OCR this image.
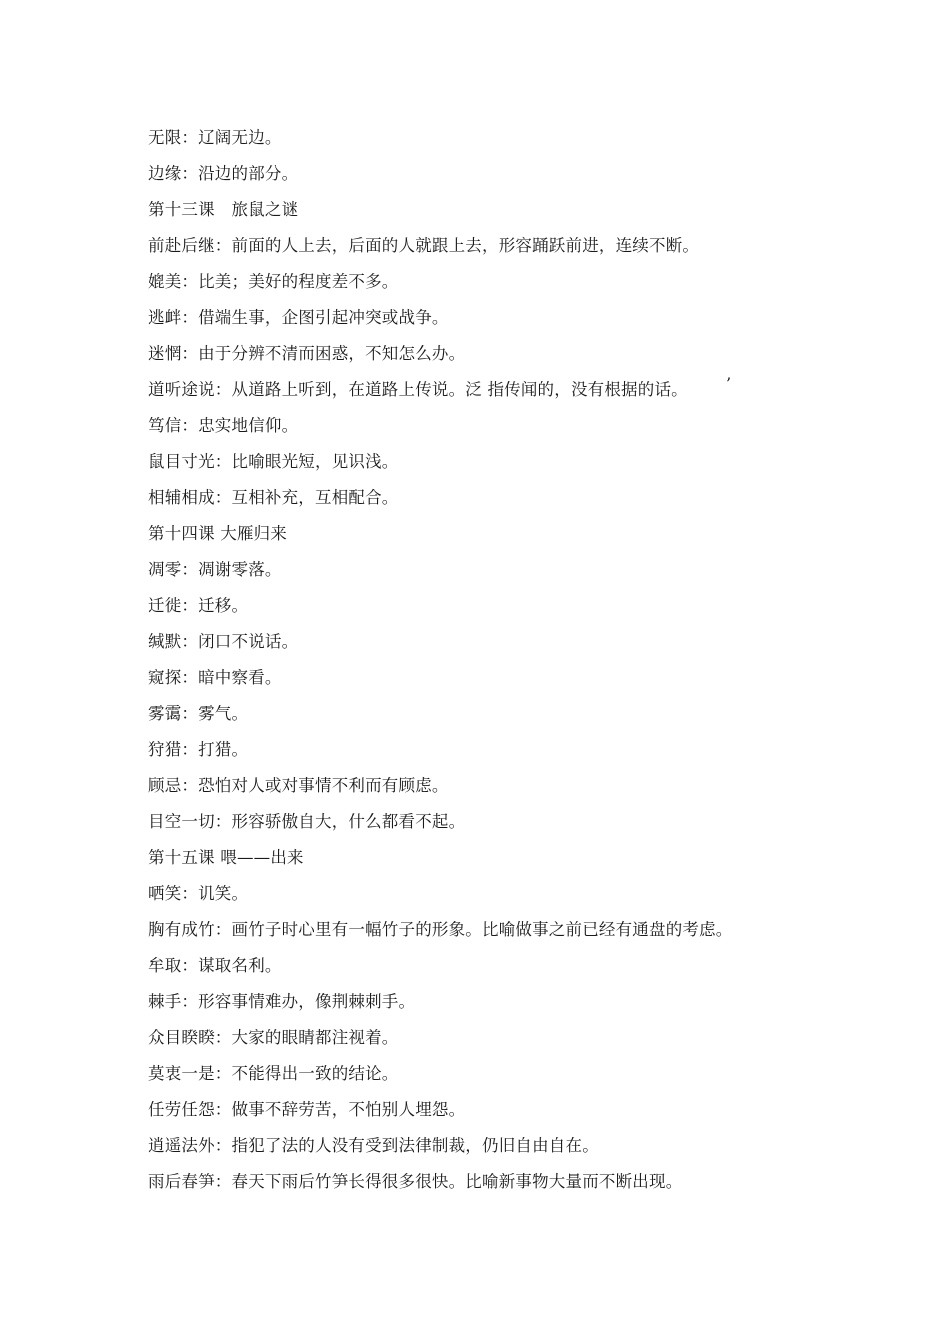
无限：辽阔无边。
边缘：沿边的部分。
第十三课　旅鼠之谜
前赴后继：前面的人上去，后面的人就跟上去，形容踊跃前进，连续不断。
媲美：比美；美好的程度差不多。
逃衅：借端生事，企图引起冲突或战争。
迷惘：由于分辨不清而困惑，不知怎么办。
道听途说：从道路上听到，在道路上传说。泛 指传闻的，没有根据的话。
笃信：忠实地信仰。
鼠目寸光：比喻眼光短，见识浅。
相辅相成：互相补充，互相配合。
第十四课 大雁归来
凋零：凋谢零落。
迁徙：迁移。
缄默：闭口不说话。
窥探：暗中察看。
雾霭：雾气。
狩猎：打猎。
顾忌：恐怕对人或对事情不利而有顾虑。
目空一切：形容骄傲自大，什么都看不起。
第十五课 喂——出来
哂笑：讥笑。
胸有成竹：画竹子时心里有一幅竹子的形象。比喻做事之前已经有通盘的考虑。
牟取：谋取名利。
棘手：形容事情难办，像荆棘刺手。
众目睽睽：大家的眼睛都注视着。
莫衷一是：不能得出一致的结论。
任劳任怨：做事不辞劳苦，不怕别人埋怨。
逍遥法外：指犯了法的人没有受到法律制裁，仍旧自由自在。
雨后春笋：春天下雨后竹笋长得很多很快。比喻新事物大量而不断出现。
’
